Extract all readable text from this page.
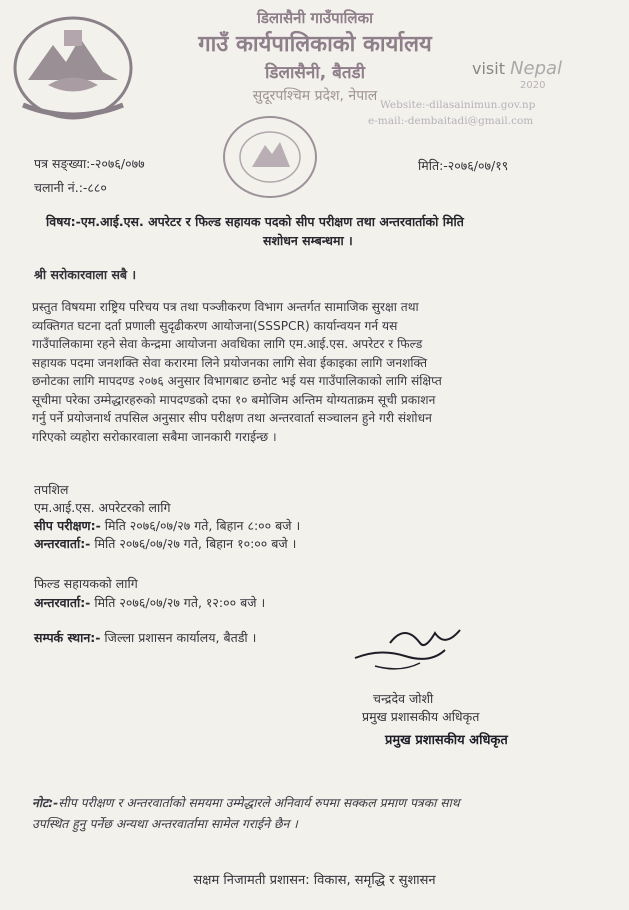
डिलासैनी गाउँपालिका
गाउँ कार्यपालिकाको कार्यालय
डिलासैनी, बैतडी
सुदूरपश्चिम प्रदेश, नेपाल
visit Nepal
2020
Website:-dilasainimun.gov.np
e-mail:-dembaitadi@gmail.com
पत्र सङ्ख्या:-२०७६/०७७
चलानी नं.:-८८०
मिति:-२०७६/०७/१९
विषय:-एम.आई.एस. अपरेटर र फिल्ड सहायक पदको सीप परीक्षण तथा अन्तरवार्ताको मिति
सशोधन सम्बन्धमा ।
श्री सरोकारवाला सबै ।
प्रस्तुत विषयमा राष्ट्रिय परिचय पत्र तथा पञ्जीकरण विभाग अन्तर्गत सामाजिक सुरक्षा तथा
व्यक्तिगत घटना दर्ता प्रणाली सुदृढीकरण आयोजना(SSSPCR) कार्यान्वयन गर्न यस
गाउँपालिकामा रहने सेवा केन्द्रमा आयोजना अवधिका लागि एम.आई.एस. अपरेटर र फिल्ड
सहायक पदमा जनशक्ति सेवा करारमा लिने प्रयोजनका लागि सेवा ईकाइका लागि जनशक्ति
छनोटका लागि मापदण्ड २०७६ अनुसार विभागबाट छनोट भई यस गाउँपालिकाको लागि संक्षिप्त
सूचीमा परेका उम्मेद्धारहरुको मापदण्डको दफा १० बमोजिम अन्तिम योग्यताक्रम सूची प्रकाशन
गर्नु पर्ने प्रयोजनार्थ तपसिल अनुसार सीप परीक्षण तथा अन्तरवार्ता सञ्चालन हुने गरी संशोधन
गरिएको व्यहोरा सरोकारवाला सबैमा जानकारी गराईन्छ ।
तपशिल
एम.आई.एस. अपरेटरको लागि
सीप परीक्षण:- मिति २०७६/०७/२७ गते, बिहान ८:०० बजे ।
अन्तरवार्ता:- मिति २०७६/०७/२७ गते, बिहान १०:०० बजे ।
फिल्ड सहायकको लागि
अन्तरवार्ता:- मिति २०७६/०७/२७ गते, १२:०० बजे ।
सम्पर्क स्थान:- जिल्ला प्रशासन कार्यालय, बैतडी ।
चन्द्रदेव जोशी
प्रमुख प्रशासकीय अधिकृत
प्रमुख प्रशासकीय अधिकृत
नोट:-सीप परीक्षण र अन्तरवार्ताको समयमा उम्मेद्धारले अनिवार्य रुपमा सक्कल प्रमाण पत्रका साथ
उपस्थित हुनु पर्नेछ अन्यथा अन्तरवार्तामा सामेल गराईने छैन ।
सक्षम निजामती प्रशासन: विकास, समृद्धि र सुशासन
